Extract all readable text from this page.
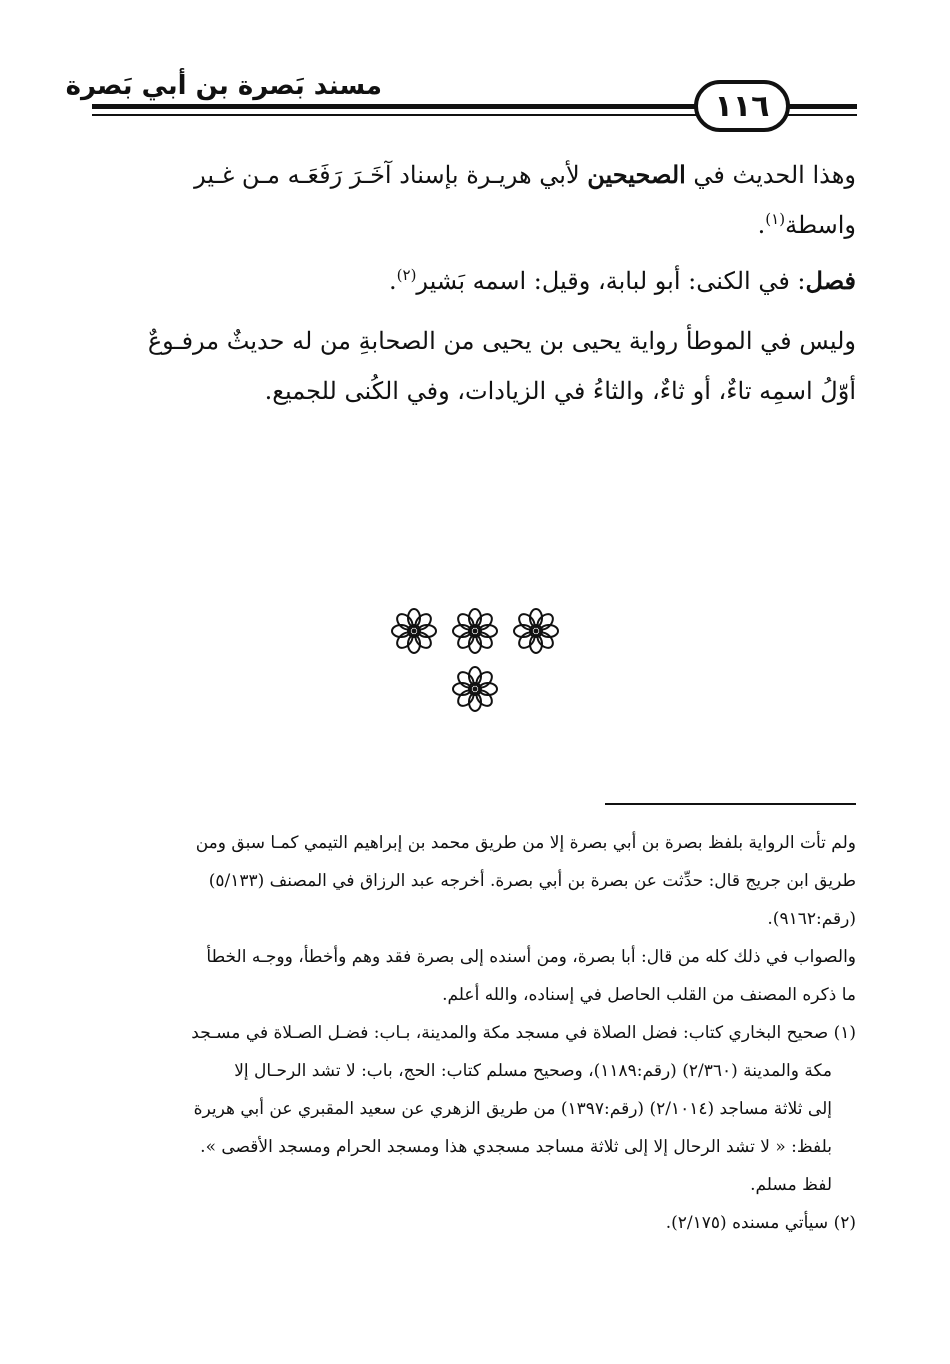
مسند بَصرة بن أبي بَصرة
١١٦

وهذا الحديث في الصحيحين لأبي هريـرة بإسناد آخَـرَ رَفَعَـه مـن غـير

واسطة$^{(١)}$.

فصل: في الكنى: أبو لبابة، وقيل: اسمه بَشير$^{(٢)}$.

وليس في الموطأ رواية يحيى بن يحيى من الصحابةِ من له حديثٌ مرفـوعٌ

أوّلُ اسمِه تاءٌ، أو ثاءٌ، والثاءُ في الزيادات، وفي الكُنى للجميع.

ولم تأت الرواية بلفظ بصرة بن أبي بصرة إلا من طريق محمد بن إبراهيم التيمي كمـا سبق ومن

طريق ابن جريج قال: حدِّثت عن بصرة بن أبي بصرة. أخرجه عبد الرزاق في المصنف (٥/١٣٣)

(رقم:٩١٦٢).

والصواب في ذلك كله من قال: أبا بصرة، ومن أسنده إلى بصرة فقد وهم وأخطأ، ووجـه الخطأ

ما ذكره المصنف من القلب الحاصل في إسناده، والله أعلم.

(١) صحيح البخاري كتاب: فضل الصلاة في مسجد مكة والمدينة، بـاب: فضـل الصـلاة في مسـجد

مكة والمدينة (٢/٣٦٠) (رقم:١١٨٩)، وصحيح مسلم كتاب: الحج، باب: لا تشد الرحـال إلا

إلى ثلاثة مساجد (٢/١٠١٤) (رقم:١٣٩٧) من طريق الزهري عن سعيد المقبري عن أبي هريرة

بلفظ: « لا تشد الرحال إلا إلى ثلاثة مساجد مسجدي هذا ومسجد الحرام ومسجد الأقصى ».

لفظ مسلم.

(٢) سيأتي مسنده (٢/١٧٥).
